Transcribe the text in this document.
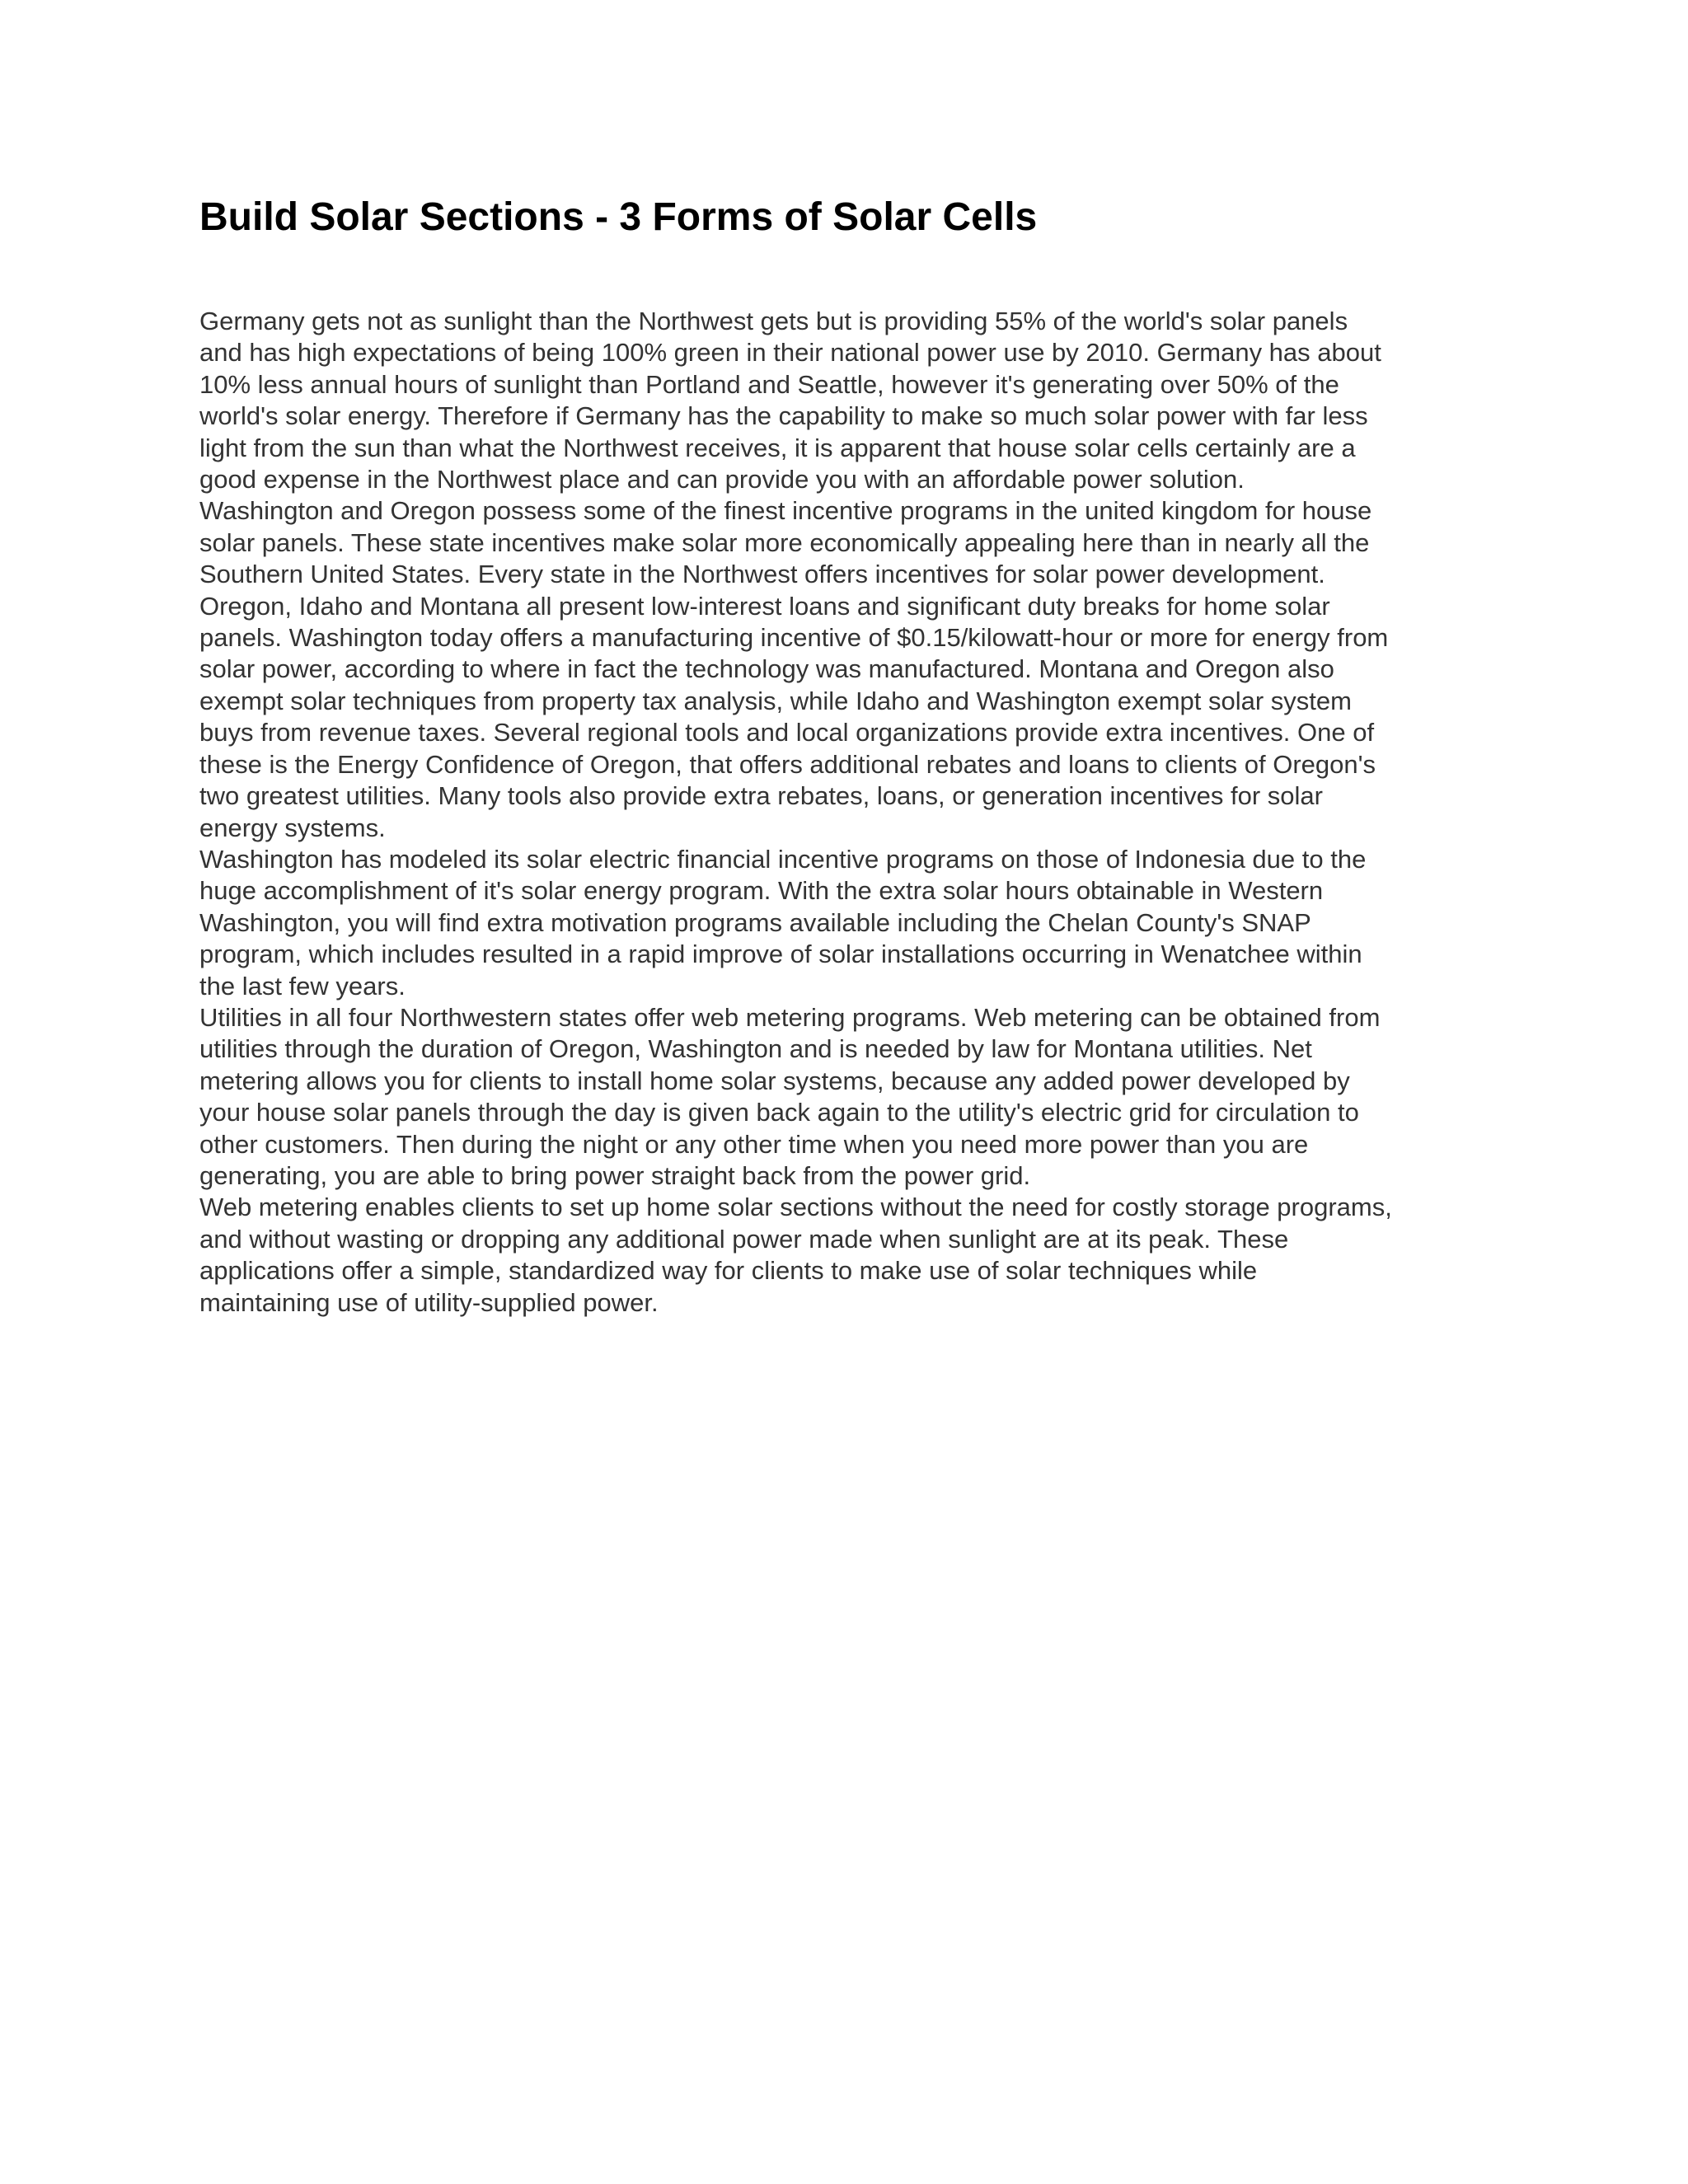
Build Solar Sections - 3 Forms of Solar Cells
Germany gets not as sunlight than the Northwest gets but is providing 55% of the world's solar panels
and has high expectations of being 100% green in their national power use by 2010. Germany has about
10% less annual hours of sunlight than Portland and Seattle, however it's generating over 50% of the
world's solar energy. Therefore if Germany has the capability to make so much solar power with far less
light from the sun than what the Northwest receives, it is apparent that house solar cells certainly are a
good expense in the Northwest place and can provide you with an affordable power solution.
Washington and Oregon possess some of the finest incentive programs in the united kingdom for house
solar panels. These state incentives make solar more economically appealing here than in nearly all the
Southern United States. Every state in the Northwest offers incentives for solar power development.
Oregon, Idaho and Montana all present low-interest loans and significant duty breaks for home solar
panels. Washington today offers a manufacturing incentive of $0.15/kilowatt-hour or more for energy from
solar power, according to where in fact the technology was manufactured. Montana and Oregon also
exempt solar techniques from property tax analysis, while Idaho and Washington exempt solar system
buys from revenue taxes. Several regional tools and local organizations provide extra incentives. One of
these is the Energy Confidence of Oregon, that offers additional rebates and loans to clients of Oregon's
two greatest utilities. Many tools also provide extra rebates, loans, or generation incentives for solar
energy systems.
Washington has modeled its solar electric financial incentive programs on those of Indonesia due to the
huge accomplishment of it's solar energy program. With the extra solar hours obtainable in Western
Washington, you will find extra motivation programs available including the Chelan County's SNAP
program, which includes resulted in a rapid improve of solar installations occurring in Wenatchee within
the last few years.
Utilities in all four Northwestern states offer web metering programs. Web metering can be obtained from
utilities through the duration of Oregon, Washington and is needed by law for Montana utilities. Net
metering allows you for clients to install home solar systems, because any added power developed by
your house solar panels through the day is given back again to the utility's electric grid for circulation to
other customers. Then during the night or any other time when you need more power than you are
generating, you are able to bring power straight back from the power grid.
Web metering enables clients to set up home solar sections without the need for costly storage programs,
and without wasting or dropping any additional power made when sunlight are at its peak. These
applications offer a simple, standardized way for clients to make use of solar techniques while
maintaining use of utility-supplied power.
